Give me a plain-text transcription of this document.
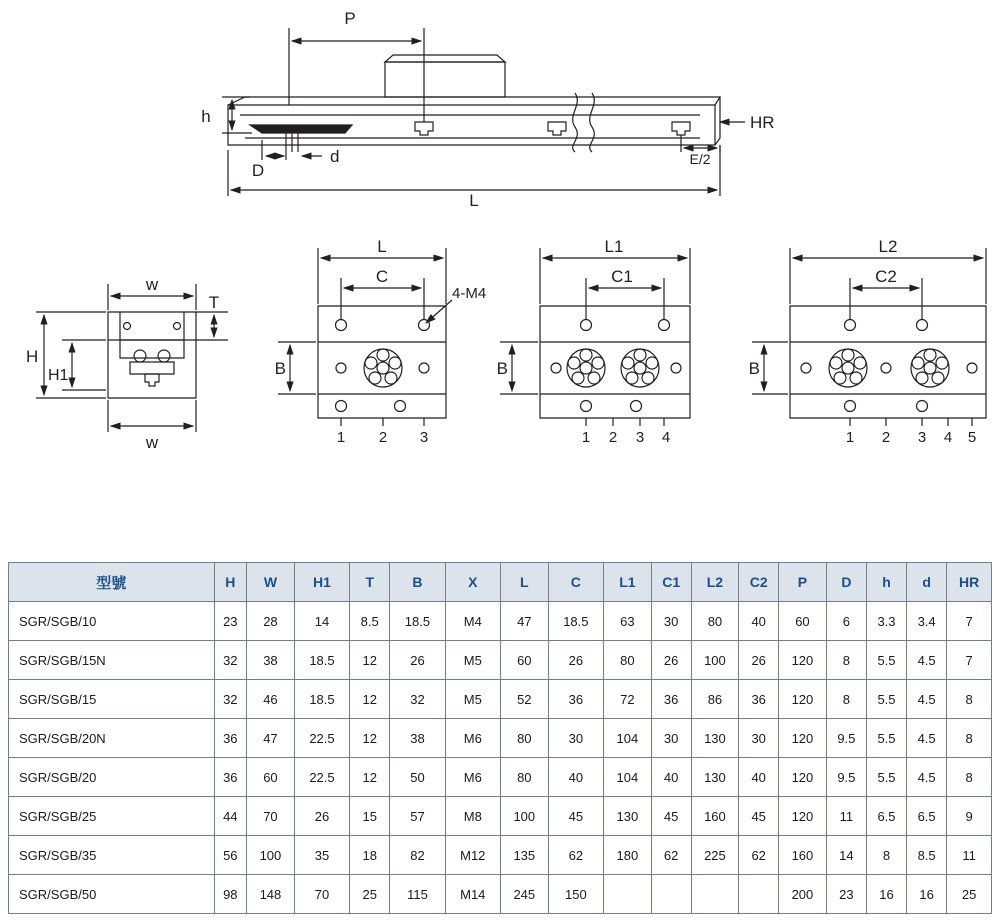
P
HR
h
D
d	E/2
L
w
w
H
H1
T
L
C
B
4-M4
1 2 3
L1
C1
B
1 2 3 4
L2
C2
B
1 2 3 4 5
型號	H	W	H1	T	B	X	L	C	L1	C1	L2	C2	P	D	h	d	HR
SGR/SGB/10	23	28	14	8.5	18.5	M4	47	18.5	63	30	80	40	60	6	3.3	3.4	7
SGR/SGB/15N	32	38	18.5	12	26	M5	60	26	80	26	100	26	120	8	5.5	4.5	7
SGR/SGB/15	32	46	18.5	12	32	M5	52	36	72	36	86	36	120	8	5.5	4.5	8
SGR/SGB/20N	36	47	22.5	12	38	M6	80	30	104	30	130	30	120	9.5	5.5	4.5	8
SGR/SGB/20	36	60	22.5	12	50	M6	80	40	104	40	130	40	120	9.5	5.5	4.5	8
SGR/SGB/25	44	70	26	15	57	M8	100	45	130	45	160	45	120	11	6.5	6.5	9
SGR/SGB/35	56	100	35	18	82	M12	135	62	180	62	225	62	160	14	8	8.5	11
SGR/SGB/50	98	148	70	25	115	M14	245	150					200	23	16	16	25
